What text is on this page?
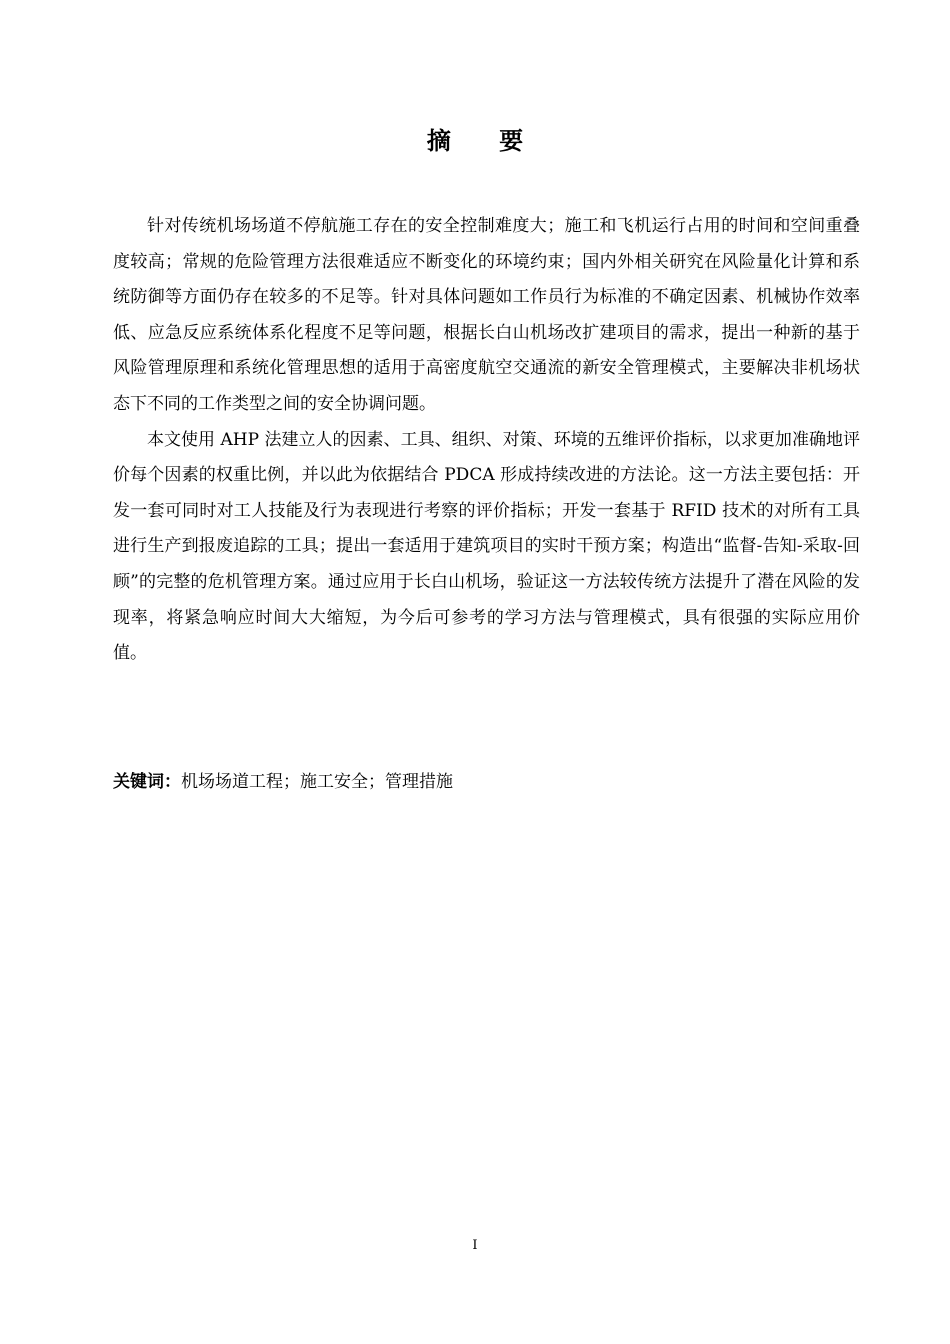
摘 要

针对传统机场场道不停航施工存在的安全控制难度大；施工和飞机运行占用的时间和空间重叠度较高；常规的危险管理方法很难适应不断变化的环境约束；国内外相关研究在风险量化计算和系统防御等方面仍存在较多的不足等。针对具体问题如工作员行为标准的不确定因素、机械协作效率低、应急反应系统体系化程度不足等问题，根据长白山机场改扩建项目的需求，提出一种新的基于风险管理原理和系统化管理思想的适用于高密度航空交通流的新安全管理模式，主要解决非机场状态下不同的工作类型之间的安全协调问题。

本文使用 AHP 法建立人的因素、工具、组织、对策、环境的五维评价指标，以求更加准确地评价每个因素的权重比例，并以此为依据结合 PDCA 形成持续改进的方法论。这一方法主要包括：开发一套可同时对工人技能及行为表现进行考察的评价指标；开发一套基于 RFID 技术的对所有工具进行生产到报废追踪的工具；提出一套适用于建筑项目的实时干预方案；构造出“监督-告知-采取-回顾”的完整的危机管理方案。通过应用于长白山机场，验证这一方法较传统方法提升了潜在风险的发现率，将紧急响应时间大大缩短，为今后可参考的学习方法与管理模式，具有很强的实际应用价值。

关键词：机场场道工程；施工安全；管理措施
I
